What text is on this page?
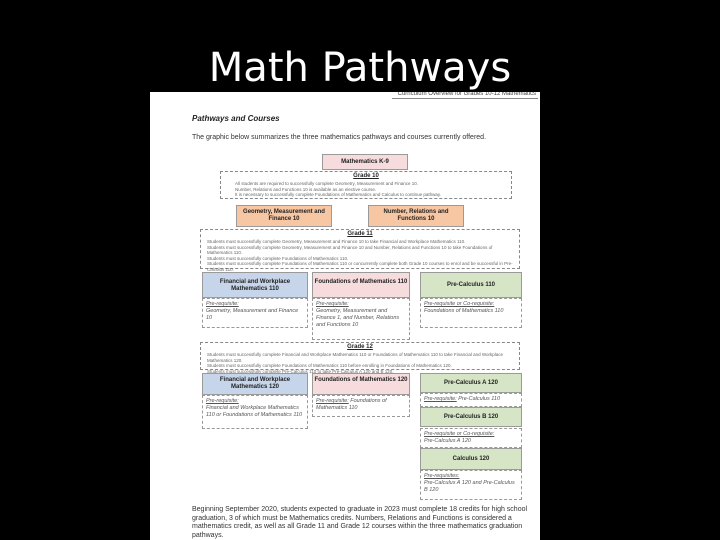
Math Pathways
Curriculum Overview for Grades 10-12 Mathematics
Pathways and Courses
The graphic below summarizes the three mathematics pathways and courses currently offered.
Mathematics K-9
Grade 10
All students are required to successfully complete Geometry, Measurement and Finance 10.
Number, Relations and Functions 10 is available as an elective course.
It is necessary to successfully complete Foundations of Mathematics and Calculus to continue pathway.
Geometry, Measurement and Finance 10
Number, Relations and Functions 10
Grade 11
Students must successfully complete Geometry, Measurement and Finance 10 to take Financial and Workplace Mathematics 110.
Students must successfully complete Geometry, Measurement and Finance 10 and Number, Relations and Functions 10 to take Foundations of Mathematics 110.
Students must successfully complete Foundations of Mathematics 110.
Students must successfully complete Foundations of Mathematics 110 or concurrently complete both Grade 10 courses to enrol and be successful in Pre-Calculus 110.
Financial and Workplace Mathematics 110
Pre-requisite:
Geometry, Measurement and Finance 10
Foundations of Mathematics 110
Pre-requisite:
Geometry, Measurement and Finance 1, and Number, Relations and Functions 10
Pre-Calculus 110
Pre-requisite or Co-requisite:
Foundations of Mathematics 110
Grade 12
Students must successfully complete Financial and Workplace Mathematics 110 or Foundations of Mathematics 110 to take Financial and Workplace Mathematics 120.
Students must successfully complete Foundations of Mathematics 110 before enrolling in Foundations of Mathematics 120.
Students must successfully complete Pre-Calculus 110 to take Pre-Calculus A 120 and B 120.
Financial and Workplace Mathematics 120
Pre-requisite:
Financial and Workplace Mathematics 110 or Foundations of Mathematics 110
Foundations of Mathematics 120
Pre-requisite: Foundations of Mathematics 110
Pre-Calculus A 120
Pre-requisite: Pre-Calculus 110
Pre-Calculus B 120
Pre-requisite or Co-requisite:
Pre-Calculus A 120
Calculus 120
Pre-requisites:
Pre-Calculus A 120 and Pre-Calculus B 120
Beginning September 2020, students expected to graduate in 2023 must complete 18 credits for high school graduation, 3 of which must be Mathematics credits. Numbers, Relations and Functions is considered a mathematics credit, as well as all Grade 11 and Grade 12 courses within the three mathematics graduation pathways.
